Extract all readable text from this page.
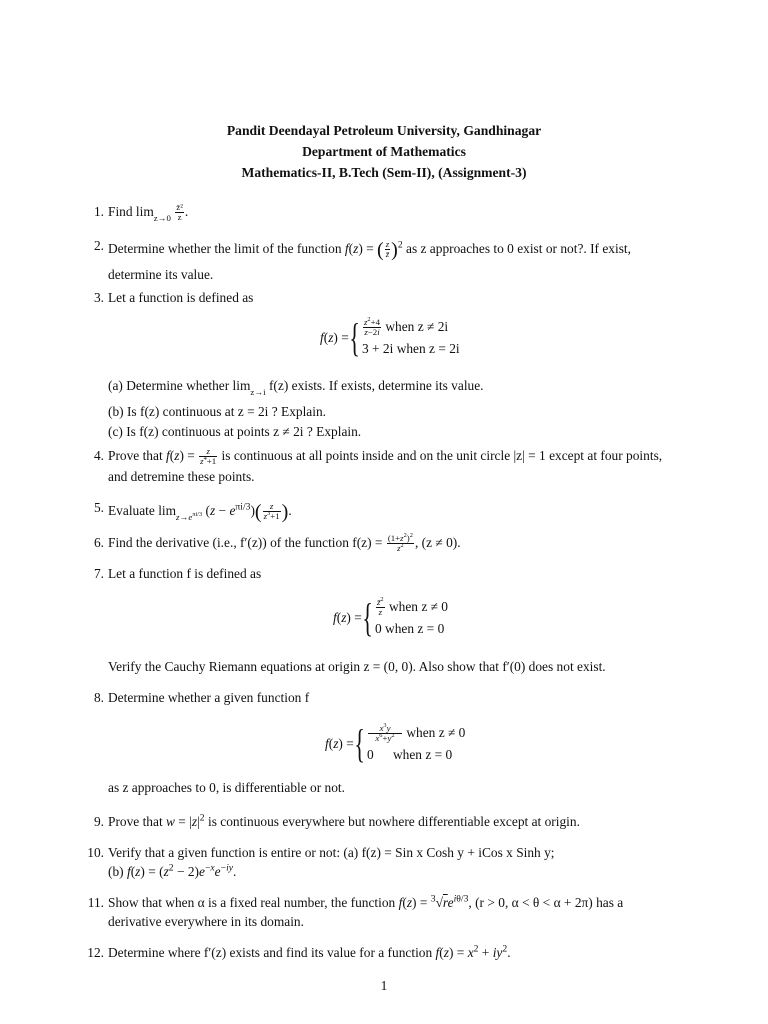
Pandit Deendayal Petroleum University, Gandhinagar
Department of Mathematics
Mathematics-II, B.Tech (Sem-II), (Assignment-3)
1. Find $\lim_{z\to 0} \frac{\text{z̄²}}{z}$ .
2. Determine whether the limit of the function f(z) = ( $\frac{z}{z̄} )^2$ as z approaches to 0 exist or not?. If exist,
determine its value.
3. Let a function is defined as
f(z) = { $\frac{z^2+4}{z-2i}$ when z ≠ 2i
3 + 2i when z = 2i
(a) Determine whether $\lim_{z\to i} f(z)$ exists. If exists, determine its value.
(b) Is f(z) continuous at z = 2i ? Explain.
(c) Is f(z) continuous at points z ≠ 2i ? Explain.
4. Prove that $f(z) = \frac{z}{z^4+1}$ is continuous at all points inside and on the unit circle |z| = 1 except at four points,
and detremine these points.
5. Evaluate $\lim_{z\to e^{\pi i/3}} (z - e^{\pi i/3})( \frac{z}{z^3+1}$ ).
6. Find the derivative (i.e., f′(z)) of the function $f(z) = \frac{(1+z^2)^2}{z^2}$ , (z ≠ 0).
7. Let a function f is defined as
f(z) = { $\frac{z̄^2}{z}$ when z ≠ 0
0 when z = 0
Verify the Cauchy Riemann equations at origin z = (0, 0). Also show that f′(0) does not exist.
8. Determine whether a given function f
f(z) = { $\frac{x^3y}{x^6+y^2}$ when z ≠ 0
0 when z = 0
as z approaches to 0, is differentiable or not.
9. Prove that $w = |z|^2$ is continuous everywhere but nowhere differentiable except at origin.
10. Verify that a given function is entire or not: (a) f(z) = Sin x Cosh y + iCos x Sinh y;
(b) $f(z) = (z^2 - 2)e^{-x}e^{-iy}$.
11. Show that when α is a fixed real number, the function $f(z) = ^3√re^{i\theta/3}$, (r > 0, α < θ < α + 2π) has a
derivative everywhere in its domain.
12. Determine where f′(z) exists and find its value for a function $f(z) = x^2 + iy^2$.
1
